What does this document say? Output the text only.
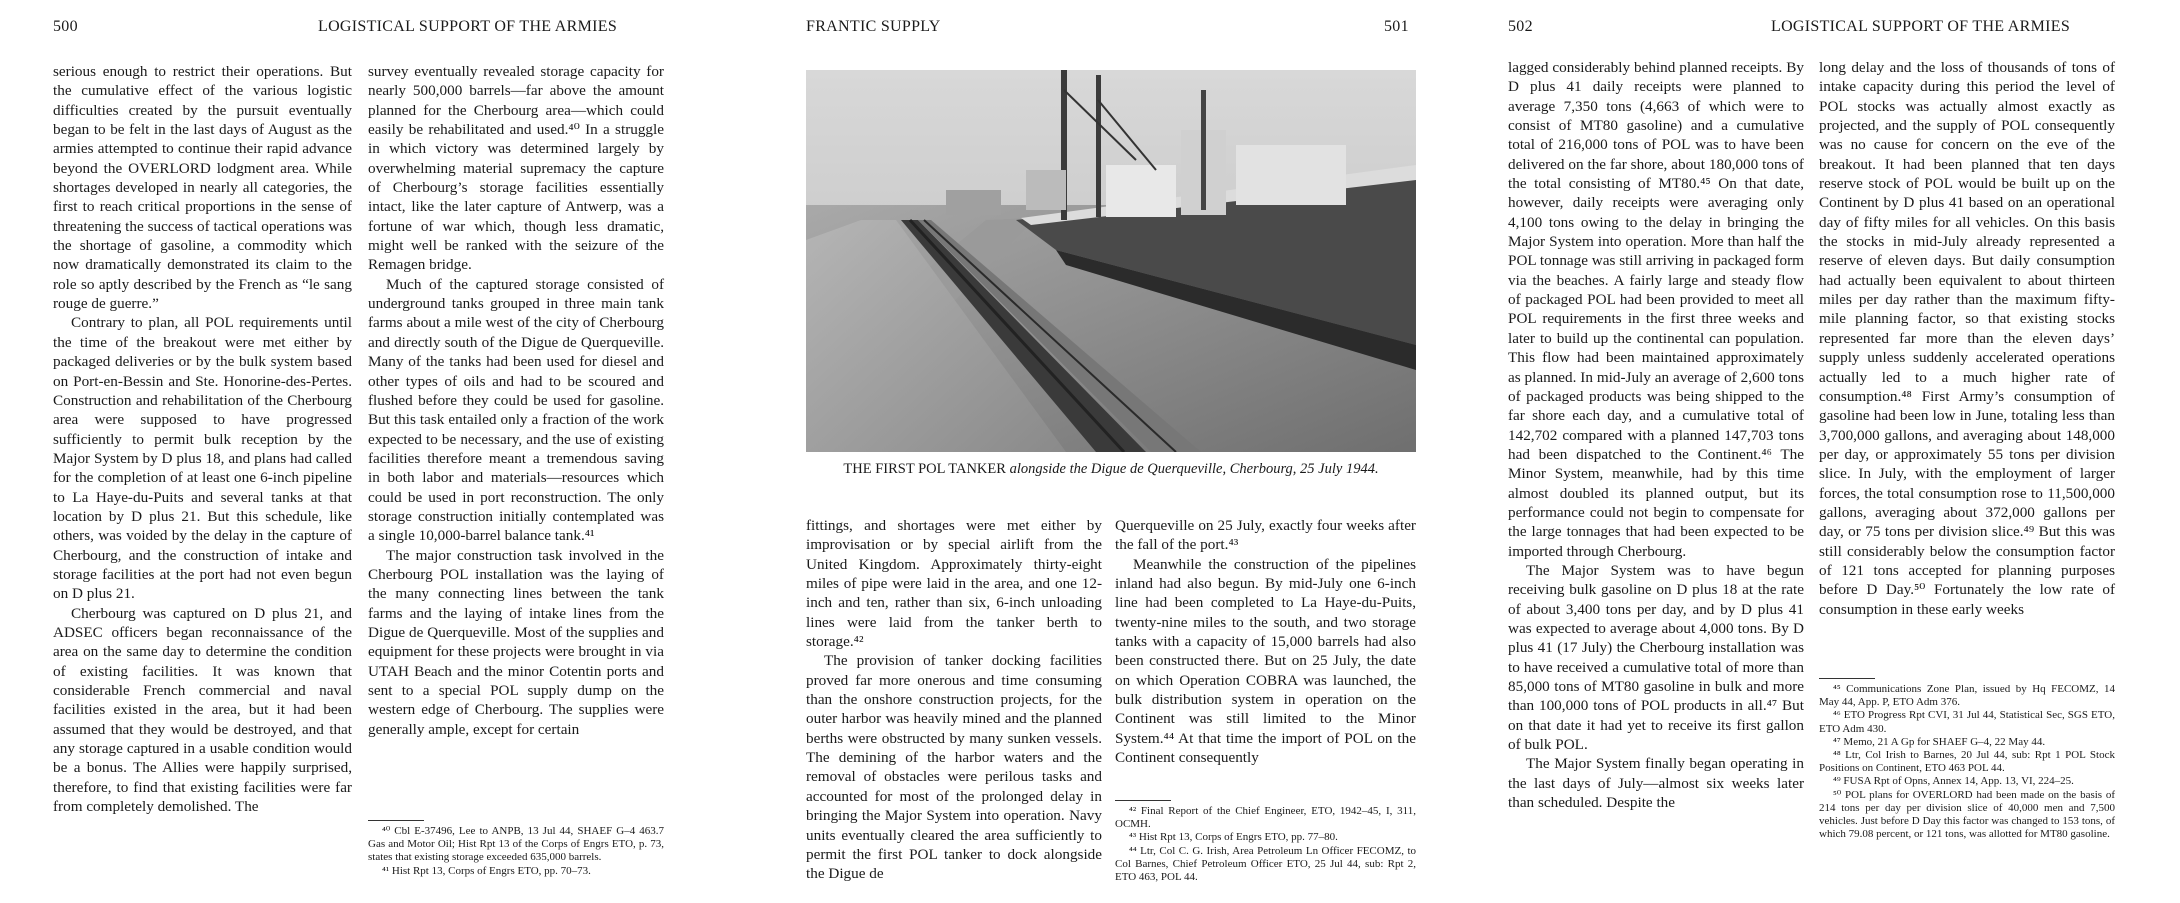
500	LOGISTICAL SUPPORT OF THE ARMIES

serious enough to restrict their operations. But the cumulative effect of the various logistic difficulties created by the pursuit eventually began to be felt in the last days of August as the armies attempted to continue their rapid advance beyond the OVERLORD lodgment area. While shortages developed in nearly all categories, the first to reach critical proportions in the sense of threatening the success of tactical operations was the shortage of gasoline, a commodity which now dramatically demonstrated its claim to the role so aptly described by the French as “le sang rouge de guerre.”

Contrary to plan, all POL requirements until the time of the breakout were met either by packaged deliveries or by the bulk system based on Port-en-Bessin and Ste. Honorine-des-Pertes. Construction and rehabilitation of the Cherbourg area were supposed to have progressed sufficiently to permit bulk reception by the Major System by D plus 18, and plans had called for the completion of at least one 6-inch pipeline to La Haye-du-Puits and several tanks at that location by D plus 21. But this schedule, like others, was voided by the delay in the capture of Cherbourg, and the construction of intake and storage facilities at the port had not even begun on D plus 21.

Cherbourg was captured on D plus 21, and ADSEC officers began reconnaissance of the area on the same day to determine the condition of existing facilities. It was known that considerable French commercial and naval facilities existed in the area, but it had been assumed that they would be destroyed, and that any storage captured in a usable condition would be a bonus. The Allies were happily surprised, therefore, to find that existing facilities were far from completely demolished. The

survey eventually revealed storage capacity for nearly 500,000 barrels—far above the amount planned for the Cherbourg area—which could easily be rehabilitated and used.⁴⁰ In a struggle in which victory was determined largely by overwhelming material supremacy the capture of Cherbourg’s storage facilities essentially intact, like the later capture of Antwerp, was a fortune of war which, though less dramatic, might well be ranked with the seizure of the Remagen bridge.

Much of the captured storage consisted of underground tanks grouped in three main tank farms about a mile west of the city of Cherbourg and directly south of the Digue de Querqueville. Many of the tanks had been used for diesel and other types of oils and had to be scoured and flushed before they could be used for gasoline. But this task entailed only a fraction of the work expected to be necessary, and the use of existing facilities therefore meant a tremendous saving in both labor and materials—resources which could be used in port reconstruction. The only storage construction initially contemplated was a single 10,000-barrel balance tank.⁴¹

The major construction task involved in the Cherbourg POL installation was the laying of the many connecting lines between the tank farms and the laying of intake lines from the Digue de Querqueville. Most of the supplies and equipment for these projects were brought in via UTAH Beach and the minor Cotentin ports and sent to a special POL supply dump on the western edge of Cherbourg. The supplies were generally ample, except for certain

⁴⁰ Cbl E-37496, Lee to ANPB, 13 Jul 44, SHAEF G–4 463.7 Gas and Motor Oil; Hist Rpt 13 of the Corps of Engrs ETO, p. 73, states that existing storage exceeded 635,000 barrels.
⁴¹ Hist Rpt 13, Corps of Engrs ETO, pp. 70–73.
FRANTIC SUPPLY	501
THE FIRST POL TANKER alongside the Digue de Querqueville, Cherbourg, 25 July 1944.

fittings, and shortages were met either by improvisation or by special airlift from the United Kingdom. Approximately thirty-eight miles of pipe were laid in the area, and one 12-inch and ten, rather than six, 6-inch unloading lines were laid from the tanker berth to storage.⁴²

The provision of tanker docking facilities proved far more onerous and time consuming than the onshore construction projects, for the outer harbor was heavily mined and the planned berths were obstructed by many sunken vessels. The demining of the harbor waters and the removal of obstacles were perilous tasks and accounted for most of the prolonged delay in bringing the Major System into operation. Navy units eventually cleared the area sufficiently to permit the first POL tanker to dock alongside the Digue de

Querqueville on 25 July, exactly four weeks after the fall of the port.⁴³

Meanwhile the construction of the pipelines inland had also begun. By mid-July one 6-inch line had been completed to La Haye-du-Puits, twenty-nine miles to the south, and two storage tanks with a capacity of 15,000 barrels had also been constructed there. But on 25 July, the date on which Operation COBRA was launched, the bulk distribution system in operation on the Continent was still limited to the Minor System.⁴⁴ At that time the import of POL on the Continent consequently

⁴² Final Report of the Chief Engineer, ETO, 1942–45, I, 311, OCMH.
⁴³ Hist Rpt 13, Corps of Engrs ETO, pp. 77–80.
⁴⁴ Ltr, Col C. G. Irish, Area Petroleum Ln Officer FECOMZ, to Col Barnes, Chief Petroleum Officer ETO, 25 Jul 44, sub: Rpt 2, ETO 463, POL 44.
502	LOGISTICAL SUPPORT OF THE ARMIES

lagged considerably behind planned receipts. By D plus 41 daily receipts were planned to average 7,350 tons (4,663 of which were to consist of MT80 gasoline) and a cumulative total of 216,000 tons of POL was to have been delivered on the far shore, about 180,000 tons of the total consisting of MT80.⁴⁵ On that date, however, daily receipts were averaging only 4,100 tons owing to the delay in bringing the Major System into operation. More than half the POL tonnage was still arriving in packaged form via the beaches. A fairly large and steady flow of packaged POL had been provided to meet all POL requirements in the first three weeks and later to build up the continental can population. This flow had been maintained approximately as planned. In mid-July an average of 2,600 tons of packaged products was being shipped to the far shore each day, and a cumulative total of 142,702 compared with a planned 147,703 tons had been dispatched to the Continent.⁴⁶ The Minor System, meanwhile, had by this time almost doubled its planned output, but its performance could not begin to compensate for the large tonnages that had been expected to be imported through Cherbourg.

The Major System was to have begun receiving bulk gasoline on D plus 18 at the rate of about 3,400 tons per day, and by D plus 41 was expected to average about 4,000 tons. By D plus 41 (17 July) the Cherbourg installation was to have received a cumulative total of more than 85,000 tons of MT80 gasoline in bulk and more than 100,000 tons of POL products in all.⁴⁷ But on that date it had yet to receive its first gallon of bulk POL.

The Major System finally began operating in the last days of July—almost six weeks later than scheduled. Despite the

long delay and the loss of thousands of tons of intake capacity during this period the level of POL stocks was actually almost exactly as projected, and the supply of POL consequently was no cause for concern on the eve of the breakout. It had been planned that ten days reserve stock of POL would be built up on the Continent by D plus 41 based on an operational day of fifty miles for all vehicles. On this basis the stocks in mid-July already represented a reserve of eleven days. But daily consumption had actually been equivalent to about thirteen miles per day rather than the maximum fifty-mile planning factor, so that existing stocks represented far more than the eleven days’ supply unless suddenly accelerated operations actually led to a much higher rate of consumption.⁴⁸ First Army’s consumption of gasoline had been low in June, totaling less than 3,700,000 gallons, and averaging about 148,000 per day, or approximately 55 tons per division slice. In July, with the employment of larger forces, the total consumption rose to 11,500,000 gallons, averaging about 372,000 gallons per day, or 75 tons per division slice.⁴⁹ But this was still considerably below the consumption factor of 121 tons accepted for planning purposes before D Day.⁵⁰ Fortunately the low rate of consumption in these early weeks

⁴⁵ Communications Zone Plan, issued by Hq FECOMZ, 14 May 44, App. P, ETO Adm 376.
⁴⁶ ETO Progress Rpt CVI, 31 Jul 44, Statistical Sec, SGS ETO, ETO Adm 430.
⁴⁷ Memo, 21 A Gp for SHAEF G–4, 22 May 44.
⁴⁸ Ltr, Col Irish to Barnes, 20 Jul 44, sub: Rpt 1 POL Stock Positions on Continent, ETO 463 POL 44.
⁴⁹ FUSA Rpt of Opns, Annex 14, App. 13, VI, 224–25.
⁵⁰ POL plans for OVERLORD had been made on the basis of 214 tons per day per division slice of 40,000 men and 7,500 vehicles. Just before D Day this factor was changed to 153 tons, of which 79.08 percent, or 121 tons, was allotted for MT80 gasoline.
